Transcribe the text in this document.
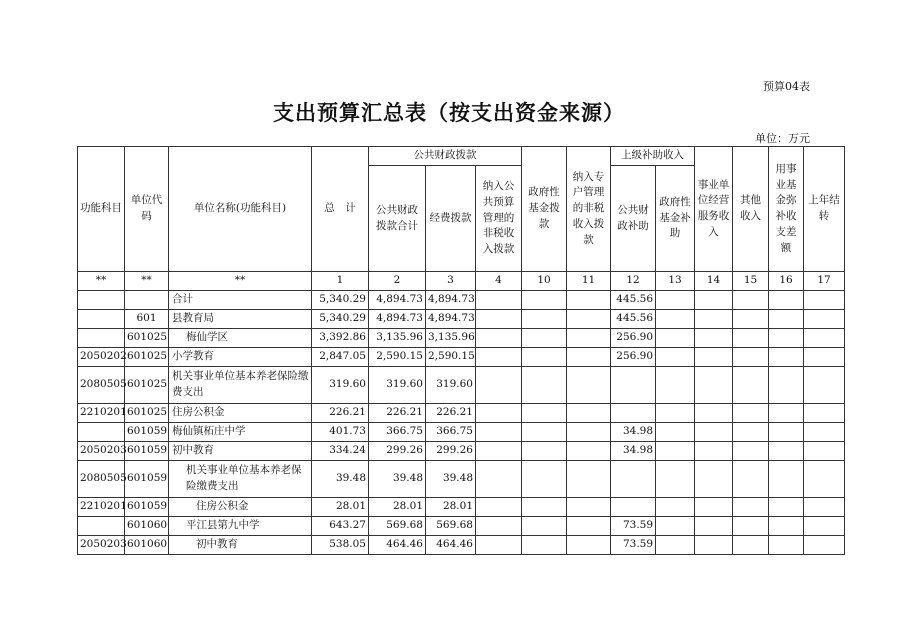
预算04表
支出预算汇总表（按支出资金来源）
单位：万元
功能科目	单位代码	单位名称(功能科目)	总　计	公共财政拨款			政府性基金拨款	纳入专户管理的非税收入拨款	上级补助收入		事业单位经营服务收入	其他收入	用事业基金弥补收支差额	上年结转
				公共财政拨款合计	经费拨款	纳入公共预算管理的非税收入拨款			公共财政补助	政府性基金补助				
**	**	**	1	2	3	4	10	11	12	13	14	15	16	17
		合计	5,340.29	4,894.73	4,894.73				445.56					
	601	县教育局	5,340.29	4,894.73	4,894.73				445.56					
	601025	梅仙学区	3,392.86	3,135.96	3,135.96				256.90					
2050202	601025	小学教育	2,847.05	2,590.15	2,590.15				256.90					
2080505	601025	机关事业单位基本养老保险缴费支出	319.60	319.60	319.60									
2210201	601025	住房公积金	226.21	226.21	226.21									
	601059	梅仙镇柘庄中学	401.73	366.75	366.75				34.98					
2050203	601059	初中教育	334.24	299.26	299.26				34.98					
2080505	601059	机关事业单位基本养老保险缴费支出	39.48	39.48	39.48									
2210201	601059	住房公积金	28.01	28.01	28.01									
	601060	平江县第九中学	643.27	569.68	569.68				73.59					
2050203	601060	初中教育	538.05	464.46	464.46				73.59					
